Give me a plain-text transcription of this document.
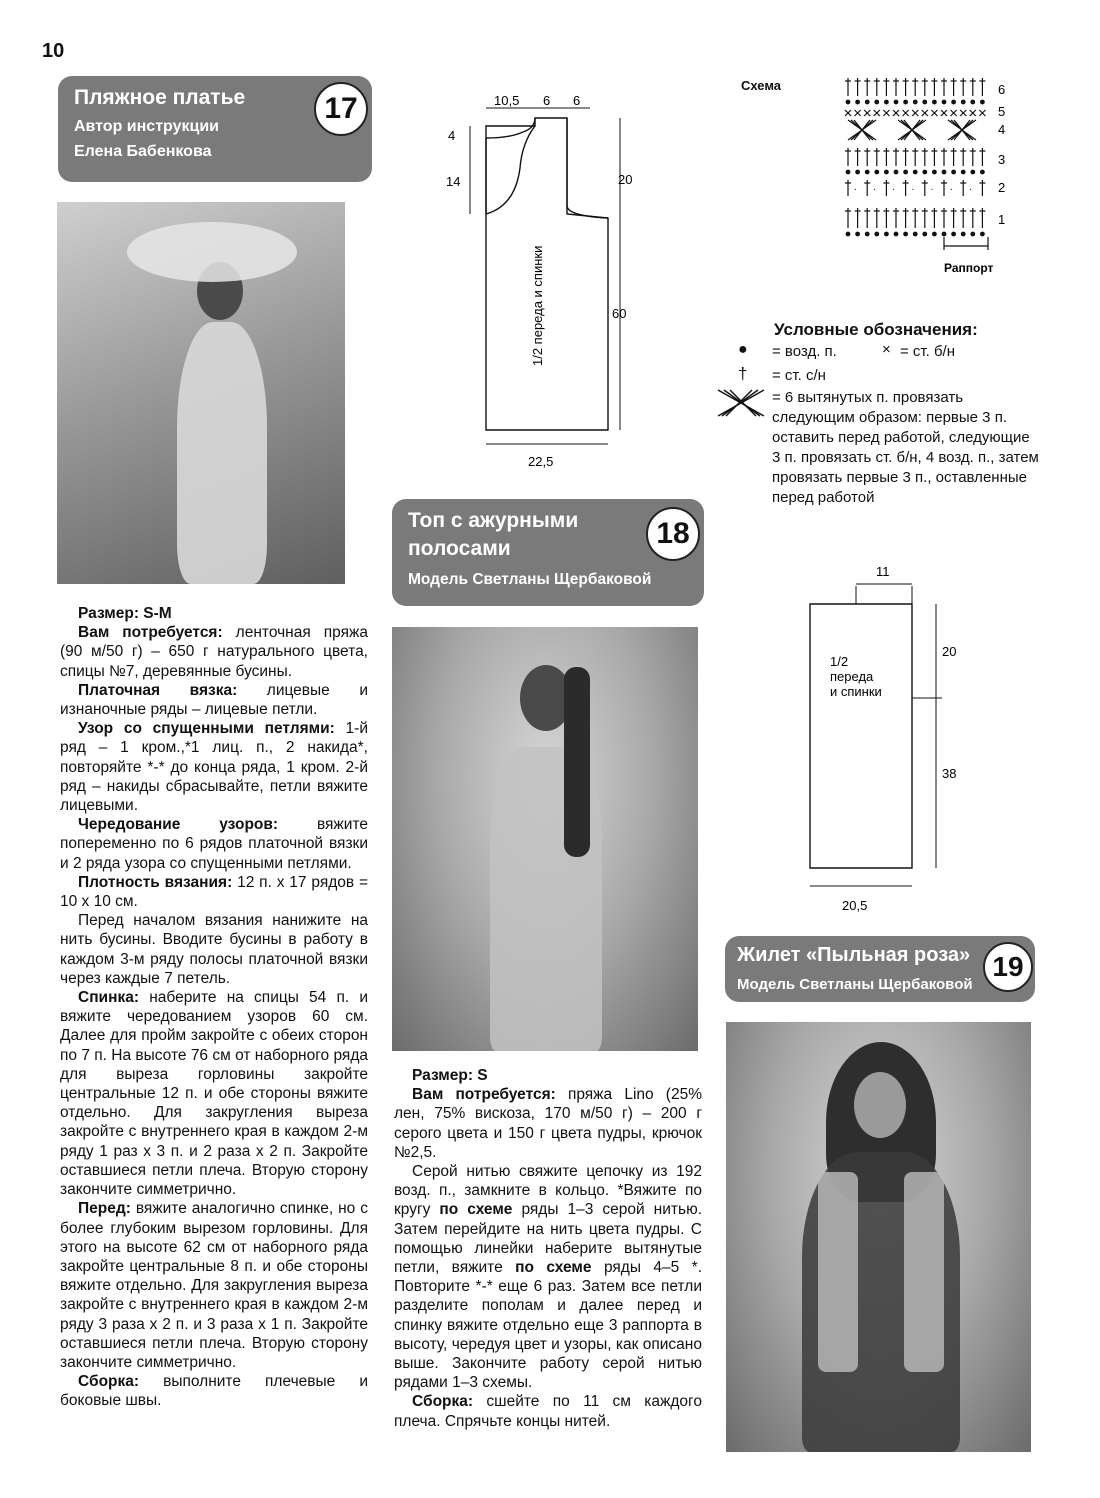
10
Пляжное платье
Автор инструкции
Елена Бабенкова
17	10,5 6 6
4
14	20
60
22,5
1/2 переда и спинки

Размер: S-M

Вам потребуется: ленточная пряжа (90 м/50 г) – 650 г натурального цвета, спицы №7, деревянные бусины.

Платочная вязка: лицевые и изнаночные ряды – лицевые петли.

Узор со спущенными петлями: 1-й ряд – 1 кром.,*1 лиц. п., 2 накида*, повторяйте *-* до конца ряда, 1 кром. 2-й ряд – накиды сбрасывайте, петли вяжите лицевыми.

Чередование узоров:	вяжите попеременно по 6 рядов платочной вязки и 2 ряда узора со спущенными петлями.

Плотность вязания: 12 п. х 17 рядов = 10 х 10 см.

Перед началом вязания нанижите на нить бусины. Вводите бусины в работу в каждом 3-м ряду полосы платочной вязки через каждые 7 петель.

Спинка: наберите на спицы 54 п. и вяжите чередованием узоров 60 см. Далее для пройм закройте с обеих сторон по 7 п. На высоте 76 см от наборного ряда для выреза горловины закройте центральные 12 п. и обе стороны вяжите отдельно. Для закругления выреза закройте с внутреннего края в каждом 2-м ряду 1 раз х 3 п. и 2 раза х 2 п. Закройте оставшиеся петли плеча. Вторую сторону закончите симметрично.

Перед: вяжите аналогично спинке, но с более глубоким вырезом горловины. Для этого на высоте 62 см от наборного ряда закройте центральные 8 п. и обе стороны вяжите отдельно. Для закругления выреза закройте с внутреннего края в каждом 2-м ряду 3 раза х 2 п. и 3 раза х 1 п. Закройте оставшиеся петли плеча. Вторую сторону закончите симметрично.

Сборка: выполните плечевые и боковые швы.

Топ с ажурными
полосами
Модель Светланы Щербаковой
18

Размер: S

Вам потребуется: пряжа Lino (25% лен, 75% вискоза, 170 м/50 г) – 200 г серого цвета и 150 г цвета пудры, крючок №2,5.

Серой нитью свяжите цепочку из 192 возд. п., замкните в кольцо. *Вяжите по кругу по схеме ряды 1–3 серой нитью. Затем перейдите на нить цвета пудры. С помощью линейки наберите вытянутые петли, вяжите по схеме ряды 4–5 *. Повторите *-* еще 6 раз. Затем все петли разделите пополам и далее перед и спинку вяжите отдельно еще 3 раппорта в высоту, чередуя цвет и узоры, как описано выше. Закончите работу серой нитью рядами 1–3 схемы.

Сборка: сшейте по 11 см каждого плеча. Спрячьте концы нитей.

Схема
· · · · · · ·
6
5
4
3
2
1
Раппорт
Условные обозначения:
● = возд. п.	× = ст. б/н
† = ст. с/н
= 6 вытянутых п. провязать следующим образом: первые 3 п. оставить перед работой, следующие 3 п. провязать ст. б/н, 4 возд. п., затем провязать первые 3 п., оставленные перед работой
11
20
38
20,5
1/2
переда
и спинки
Жилет «Пыльная роза»
Модель Светланы Щербаковой
19
